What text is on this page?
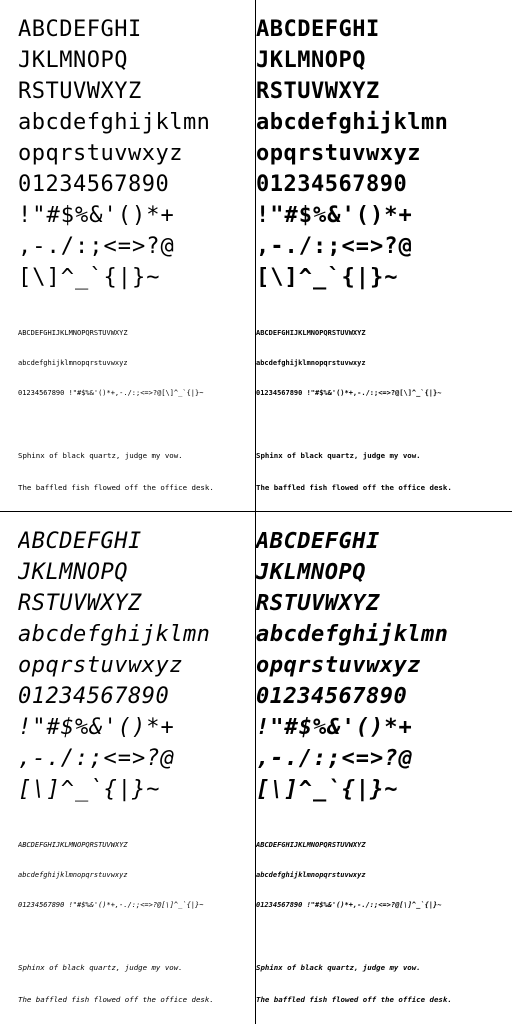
ABCDEFGHI
JKLMNOPQ
RSTUVWXYZ
abcdefghijklmn
opqrstuvwxyz
01234567890
!"#$%&'()*+
,-./:;<=>?@
[\]^_`{|}~

ABCDEFGHIJKLMNOPQRSTUVWXYZ

abcdefghijklmnopqrstuvwxyz

01234567890 !"#$%&'()*+,-./:;<=>?@[\]^_`{|}~

Sphinx of black quartz, judge my vow.

The baffled fish flowed off the office desk.

ABCDEFGHI
JKLMNOPQ
RSTUVWXYZ
abcdefghijklmn
opqrstuvwxyz
01234567890
!"#$%&'()*+
,-./:;<=>?@
[\]^_`{|}~

ABCDEFGHIJKLMNOPQRSTUVWXYZ

abcdefghijklmnopqrstuvwxyz

01234567890 !"#$%&'()*+,-./:;<=>?@[\]^_`{|}~

Sphinx of black quartz, judge my vow.

The baffled fish flowed off the office desk.

ABCDEFGHI
JKLMNOPQ
RSTUVWXYZ
abcdefghijklmn
opqrstuvwxyz
01234567890
!"#$%&'()*+
,-./:;<=>?@
[\]^_`{|}~

ABCDEFGHIJKLMNOPQRSTUVWXYZ

abcdefghijklmnopqrstuvwxyz

01234567890 !"#$%&'()*+,-./:;<=>?@[\]^_`{|}~

Sphinx of black quartz, judge my vow.

The baffled fish flowed off the office desk.

ABCDEFGHI
JKLMNOPQ
RSTUVWXYZ
abcdefghijklmn
opqrstuvwxyz
01234567890
!"#$%&'()*+
,-./:;<=>?@
[\]^_`{|}~

ABCDEFGHIJKLMNOPQRSTUVWXYZ

abcdefghijklmnopqrstuvwxyz

01234567890 !"#$%&'()*+,-./:;<=>?@[\]^_`{|}~

Sphinx of black quartz, judge my vow.

The baffled fish flowed off the office desk.
